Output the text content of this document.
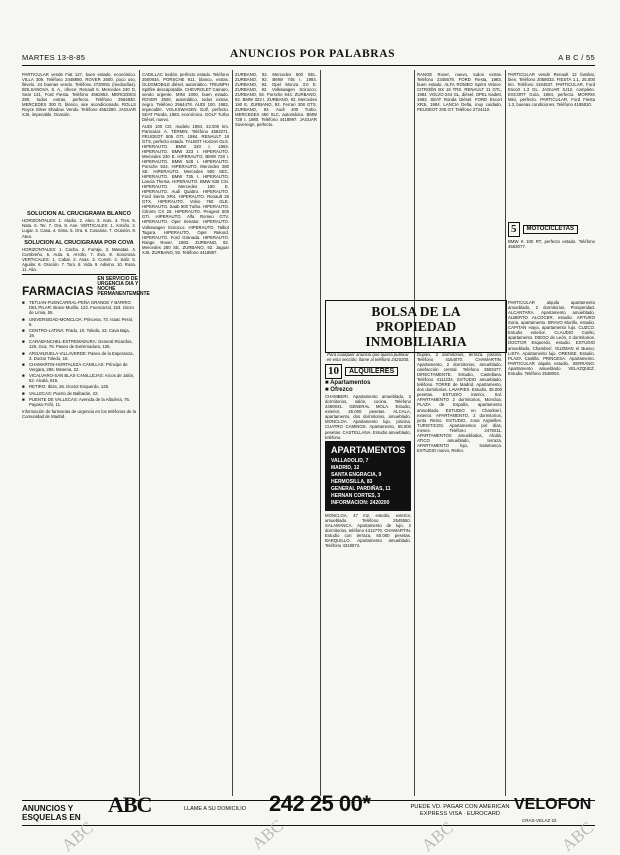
MARTES 13-8-85	ANUNCIOS POR PALABRAS	A B C / 55

PARTICULAR vende Fiat 127, buen estado, económico. VILLA 309. Teléfono 2448880. ROVER 2600, poco uso, llévelo. 24 buenas vendo. Teléfono 2730091 (mediodías). BOLSANOVA, S. A., ofrece: Renault 5, Mercedes 240 D, Seat 131, Ford Fiesta. Teléfono 4562853. MERCEDES 280, todos extras, perfecto. Teléfono 2564830. MERCEDES 300 D, blanco, aire acondicionado. ROLLS Royce Silver Shadow. Vendo. Teléfono 4562280. JAGUAR XJ6, impecable. Ocasión.

SOLUCION AL CRUCIGRAMA BLANCO

HORIZONTALES: 1. Alodio. 2. Aleo. 3. Aras. 4. Tres. 5. Nata. 6. Ter. 7. Ora. 8. Ane. VERTICALES: 1. Armiño. 2. Lugar. 3. Casa. 4. Sima. 5. Ora. 6. Cosarias. 7. Ocasión. 8. Atea.

SOLUCION AL CRUCIGRAMA POR COVA

HORIZONTALES: 1. Cacha. 2. Forraje. 3. Manatas. 4. Cumbreño. 5. Aula. 6. Arrollo. 7. Eva. 8. Sonorosa. VERTICALES: 1. Cabal. 2. Asas. 3. Constr. 4. Salir. 5. Aguilar. 6. Oración. 7. Toro. 8. Vida. 9. Adivino. 10. Rosa. 11. Alia.

FARMACIAS
EN SERVICIO DE URGENCIA DIA Y NOCHE PERMANENTEMENTE
■ TETUAN-FUENCARRAL-PEÑA GRANDE Y BARRIO DEL PILAR: Bravo Murillo, 122. Fuencarral, 153. Ginzo de Limia, 55.
■ UNIVERSIDAD-MONCLOA: Princesa, 73. Isaac Peral, 6.
■ CENTRO-LATINA: Prado, 10. Toledo, 43. Cava Baja, 19.
■ CARABANCHEL-ESTREMADURA: General Ricardos, 125. Oca, 76. Paseo de Extremadura, 125.
■ ARGANZUELA-VILLAVERDE: Paseo de la Esperanza, 3. Doctor Toledo, 15.
■ CHAMARTIN-HORTALEZA-CANILLAS: Príncipe de Vergara, 286. Mesena, 22.
■ VICALVARO-SAN BLAS-CANILLEJAS: Arcos de Jalón, 52. Alcalá, 615.
■ RETIRO: Ibiza, 26. Doctor Esquerdo, 125.
■ VALLECAS: Puerto de Balbarán, 22.
■ PUENTE DE VALLECAS: Avenida de la Albufera, 76. Payaso Fofó, 11.

Información de farmacias de urgencia en los teléfonos de la Comunidad de Madrid.

CADILLAC Sedán, perfecto estado. Teléfono 2500934. PORSCHE 911, blanco, extras. OLDSMOBILE diésel, automático. TRIUMPH Spitfire descapotable. CHEVROLET Camaro, vendo urgente. MINI 1000, buen estado. ROVER 3500, automático, todos extras, negro. Teléfono 2564478. AUDI 100, 1982, impecable. VOLKSWAGEN Golf, perfecto. SEAT Panda, 1983, económico. GOLF Turbo Diésel, nuevo.

AUDI 100 CD, modelo 1984, 22.000 km. Particular. A. TÉRMIN. Teléfono 4582071. PEUGEOT 505 GTI, 1984. RENAULT 18 GTS, perfecto estado. TALBOT Horizon GLS. HIPERAUTO. BMW 320 I, 1984. HIPERAUTO. BMW 323 I. HIPERAUTO. Mercedes 230 E. HIPERAUTO. BMW 728 I. HIPERAUTO. BMW 528 I. HIPERAUTO. Porsche 924. HIPERAUTO. Mercedes 280 SE. HIPERAUTO. Mercedes 500 SEC. HIPERAUTO. BMW 735 I. HIPERAUTO. Lancia Thema. HIPERAUTO. BMW 635 CSi. HIPERAUTO. Mercedes 190 E. HIPERAUTO. Audi Quattro. HIPERAUTO. Ford Sierra XR4. HIPERAUTO. Renault 25 GTX. HIPERAUTO. Volvo 760 GLE. HIPERAUTO. Saab 900 Turbo. HIPERAUTO. Citroën CX 25. HIPERAUTO. Peugeot 505 GTi. HIPERAUTO. Alfa Romeo GTV. HIPERAUTO. Opel Senator. HIPERAUTO. Volkswagen Scirocco. HIPERAUTO. Talbot Tagora. HIPERAUTO. Opel Rekord. HIPERAUTO. Ford Granada. HIPERAUTO. Range Rover, 1983. ZURBANO, 92. Mercedes 280 SE. ZURBANO, 92. Jaguar XJ6. ZURBANO, 92. Teléfono 4418997.

ZURBANO, 92. Mercedes 500 SEL. ZURBANO, 92. BMW 745 I, 1984. ZURBANO, 92. Opel Monza 3.0 E. ZURBANO, 92. Volkswagen Scirocco. ZURBANO, 92. Porsche 944. ZURBANO, 92. BMW 323 I. ZURBANO, 92. Mercedes 190 E. ZURBANO, 92. Ferrari 308 GTS. ZURBANO, 92. Audi 200 Turbo. MERCEDES 450 SLC, automático. BMW 728 I, 1980. Teléfono 4418997. JAGUAR Sovereign, perfecto.

BOLSA DE LA PROPIEDAD INMOBILIARIA

Para cualquier anuncio que quiera publicar en esta sección, llame al teléfono 2420200.

10	ALQUILERES
■ Apartamentos
■ Ofrezco

CHAMBERI. Apartamento amueblado, 2 dormitorios, salón, cocina. Teléfono 4460931. GENERAL MOLA. Estudio, exterior, 45.000 pesetas. ALCALA, apartamento, dos dormitorios, amueblado. MONCLOA. Apartamento lujo, piscina. CUATRO CAMINOS. Apartamento, 55.000 pesetas. CASTELLANA. Estudio amueblado, teléfono.

APARTAMENTOS
VALLADOLID, 7
MADRID, 12
SANTA ENGRACIA, 9
HERMOSILLA, 83
GENERAL PARDIÑAS, 11
HERNAN CORTES, 3
INFORMACION: 2420200

MONCLOA. 47 m2, estudio, exterior, amueblado. Teléfono 2545550. SALAMANCA. Apartamento de lujo, 2 dormitorios, teléfono 4312770. CHAMARTIN. Estudio con terraza, 60.000 pesetas. BARQUILLO. Apartamento amueblado. Teléfono 4319874.

RANGE Rover, nuevo, todos extras. Teléfono 2345678. FORD Fiesta, 1983, buen estado. ALFA ROMEO Sprint Veloce. CITROËN BX 16 TRS. RENAULT 11 GTL, 1984. VOLVO 244 GL, diésel. OPEL Kadett, 1983. SEAT Ronda Diésel. FORD Escort XR3i, 1984. LANCIA Delta, muy cuidado. PEUGEOT 205 GT. Teléfono 2734110.

Duplex, 3 dormitorios, terraza, piscina. Teléfono 4164070. CHAMARTIN. Apartamento, 2 dormitorios, amueblado, calefacción central. Teléfono 2503477. DIRECTAMENTE. Estudio, Castellana. Teléfono 4111234. ESTUDIO amueblado, teléfono. TORRE de Madrid. Apartamento, dos dormitorios. LAVAPIES. Estudio, 35.000 pesetas. ESTUDIO interior, Sol. APARTAMENTO 2 dormitorios, Moncloa. PLAZA de España, apartamento amueblado. ESTUDIO en Chamberí, exterior. APARTAMENTO, 2 dormitorios, junto Retiro. ESTUDIO, zona Argüelles. TURISTICOS. Apartamentos por días, meses. Teléfono 2479211. APARTAMENTOS amueblados, Alcalá. ATICO amueblado, terraza. APARTAMENTO lujo, Salamanca. ESTUDIO nuevo, Retiro.

PARTICULAR vende Renault 12 familiar, bien. Teléfono 2058033. FIESTA 1.1, 25.000 km. Teléfono 4194537. PARTICULAR, Ford Escort 1.3 GL. JAGUAR XJ12, completo. ESCORT Guía, 1984, perfecto. MORRIS Mini, perfecto. PARTICULAR, Ford Fiesta 1.3, buenas condiciones. Teléfono 4195810.

5	MOTOCICLETAS

BMW K 100 RT, perfecto estado. Teléfono 4563077.

PARTICULAR alquila apartamento amueblado, 2 dormitorios, Prosperidad. ALCANTARA. Apartamento amueblado. ALBERTO ALCOCER, estudio. ARTURO Soria, apartamento. BRAVO Murillo, estudio. CAPITAN Haya, apartamento lujo. CUZCO. Estudio exterior. CLAUDIO Coello, apartamento. DIEGO de León, 2 dormitorios. DOCTOR Esquerdo, estudio. ESTUDIO amueblado, Chamberí. GUZMAN el Bueno. LISTA. Apartamento lujo. ORENSE. Estudio. PLAZA Castilla. PRINCESA. Apartamento. PARTICULAR alquila estudio. SERRANO. Apartamento amueblado. VELAZQUEZ. Estudio. Teléfono 2548004.

ANUNCIOS Y ESQUELAS EN
ABC	LLAME A SU DOMICILIO	242 25 00*	PUEDE VD. PAGAR CON AMERICAN EXPRESS VISA · EUROCARD
VELOFON
CRAS-VELAZ 22
ABC	ABC	ABC	ABC
